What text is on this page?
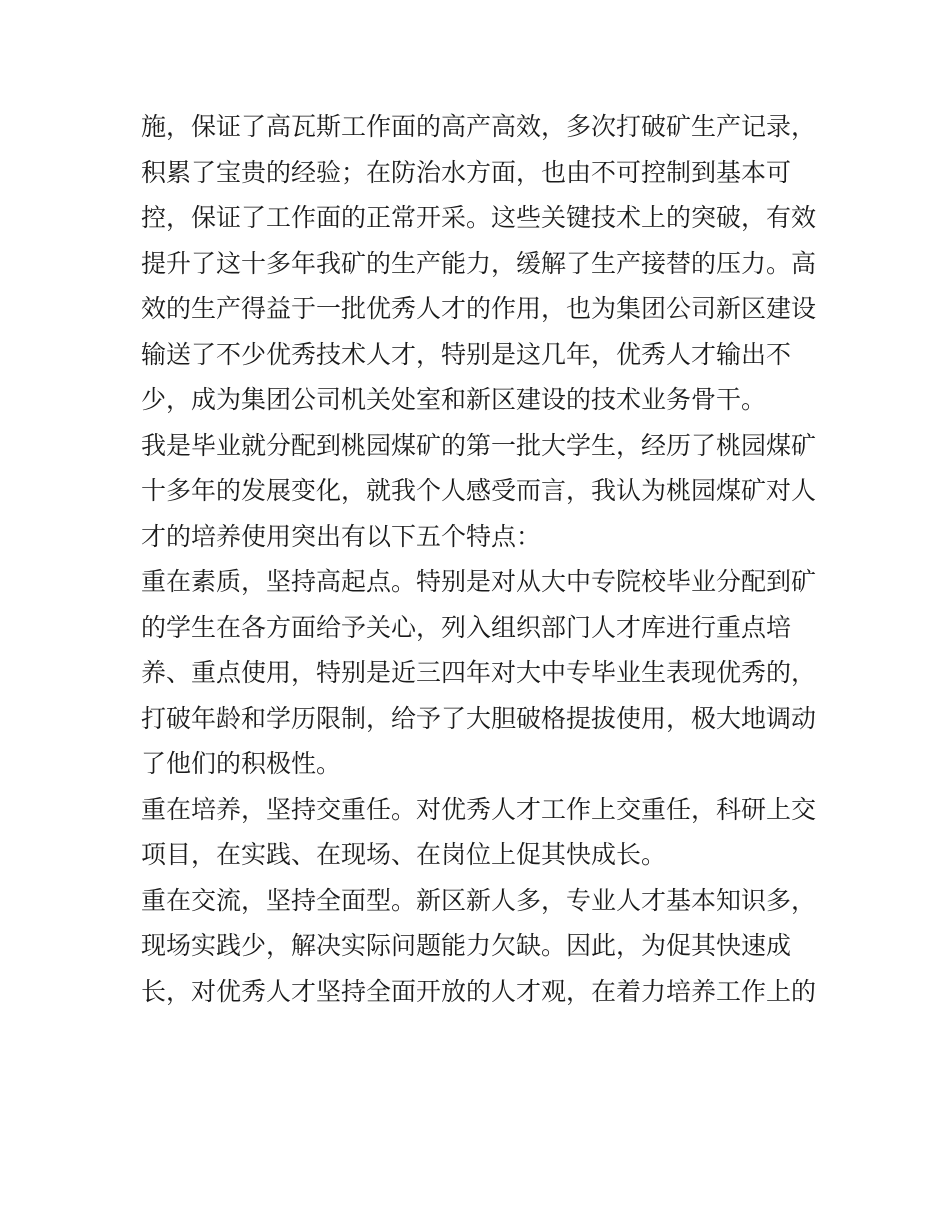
施，保证了高瓦斯工作面的高产高效，多次打破矿生产记录，
积累了宝贵的经验；在防治水方面，也由不可控制到基本可
控，保证了工作面的正常开采。这些关键技术上的突破，有效
提升了这十多年我矿的生产能力，缓解了生产接替的压力。高
效的生产得益于一批优秀人才的作用，也为集团公司新区建设
输送了不少优秀技术人才，特别是这几年，优秀人才输出不
少，成为集团公司机关处室和新区建设的技术业务骨干。
我是毕业就分配到桃园煤矿的第一批大学生，经历了桃园煤矿
十多年的发展变化，就我个人感受而言，我认为桃园煤矿对人
才的培养使用突出有以下五个特点：
重在素质，坚持高起点。特别是对从大中专院校毕业分配到矿
的学生在各方面给予关心，列入组织部门人才库进行重点培
养、重点使用，特别是近三四年对大中专毕业生表现优秀的，
打破年龄和学历限制，给予了大胆破格提拔使用，极大地调动
了他们的积极性。
重在培养，坚持交重任。对优秀人才工作上交重任，科研上交
项目，在实践、在现场、在岗位上促其快成长。
重在交流，坚持全面型。新区新人多，专业人才基本知识多，
现场实践少，解决实际问题能力欠缺。因此，为促其快速成
长，对优秀人才坚持全面开放的人才观，在着力培养工作上的
